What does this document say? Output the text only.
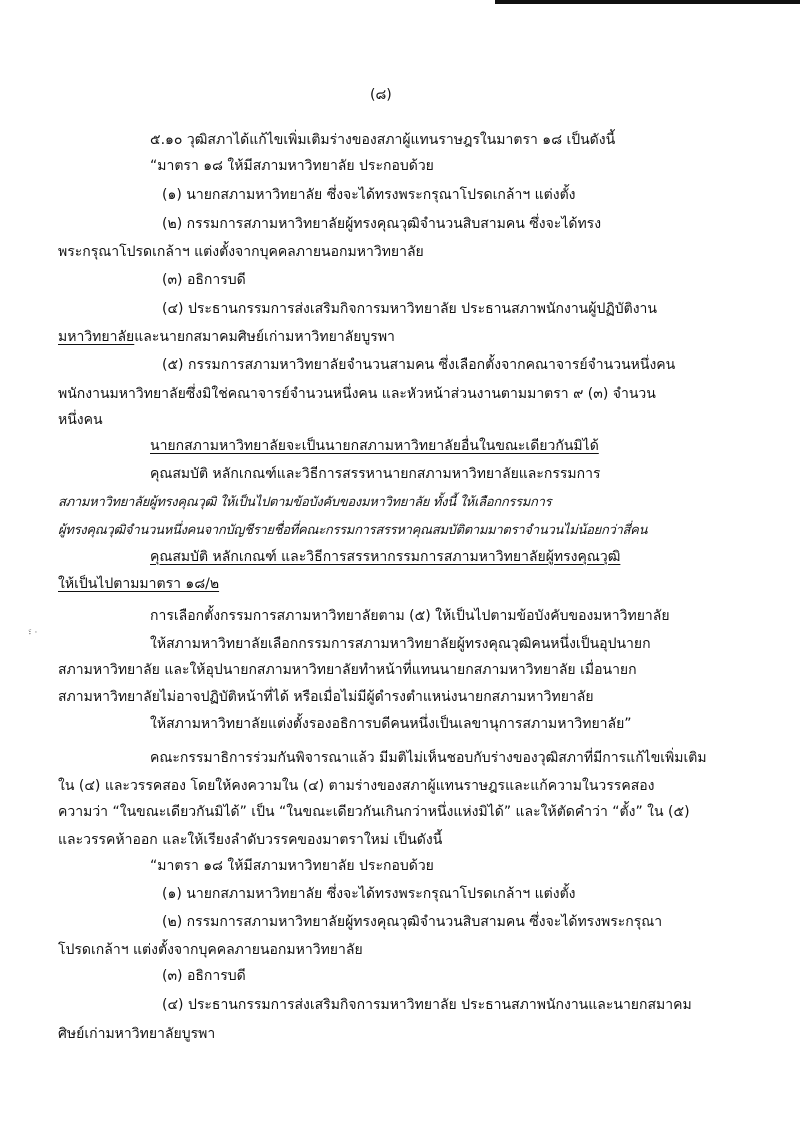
(๘)
๕.๑๐ วุฒิสภาได้แก้ไขเพิ่มเติมร่างของสภาผู้แทนราษฎรในมาตรา ๑๘ เป็นดังนี้
“มาตรา ๑๘ ให้มีสภามหาวิทยาลัย ประกอบด้วย
(๑) นายกสภามหาวิทยาลัย ซึ่งจะได้ทรงพระกรุณาโปรดเกล้าฯ แต่งตั้ง
(๒) กรรมการสภามหาวิทยาลัยผู้ทรงคุณวุฒิจำนวนสิบสามคน ซึ่งจะได้ทรง
พระกรุณาโปรดเกล้าฯ แต่งตั้งจากบุคคลภายนอกมหาวิทยาลัย
(๓) อธิการบดี
(๔) ประธานกรรมการส่งเสริมกิจการมหาวิทยาลัย ประธานสภาพนักงานผู้ปฏิบัติงาน
มหาวิทยาลัยและนายกสมาคมศิษย์เก่ามหาวิทยาลัยบูรพา
(๕) กรรมการสภามหาวิทยาลัยจำนวนสามคน ซึ่งเลือกตั้งจากคณาจารย์จำนวนหนึ่งคน
พนักงานมหาวิทยาลัยซึ่งมิใช่คณาจารย์จำนวนหนึ่งคน และหัวหน้าส่วนงานตามมาตรา ๙ (๓) จำนวน
หนึ่งคน
นายกสภามหาวิทยาลัยจะเป็นนายกสภามหาวิทยาลัยอื่นในขณะเดียวกันมิได้
คุณสมบัติ หลักเกณฑ์และวิธีการสรรหานายกสภามหาวิทยาลัยและกรรมการ
สภามหาวิทยาลัยผู้ทรงคุณวุฒิ ให้เป็นไปตามข้อบังคับของมหาวิทยาลัย ทั้งนี้ ให้เลือกกรรมการ
ผู้ทรงคุณวุฒิจำนวนหนึ่งคนจากบัญชีรายชื่อที่คณะกรรมการสรรหาคุณสมบัติตามมาตราจำนวนไม่น้อยกว่าสี่คน
คุณสมบัติ หลักเกณฑ์ และวิธีการสรรหากรรมการสภามหาวิทยาลัยผู้ทรงคุณวุฒิ
ให้เป็นไปตามมาตรา ๑๘/๒
การเลือกตั้งกรรมการสภามหาวิทยาลัยตาม (๕) ให้เป็นไปตามข้อบังคับของมหาวิทยาลัย
፣ ·
ให้สภามหาวิทยาลัยเลือกกรรมการสภามหาวิทยาลัยผู้ทรงคุณวุฒิคนหนึ่งเป็นอุปนายก
สภามหาวิทยาลัย และให้อุปนายกสภามหาวิทยาลัยทำหน้าที่แทนนายกสภามหาวิทยาลัย เมื่อนายก
สภามหาวิทยาลัยไม่อาจปฏิบัติหน้าที่ได้ หรือเมื่อไม่มีผู้ดำรงตำแหน่งนายกสภามหาวิทยาลัย
ให้สภามหาวิทยาลัยแต่งตั้งรองอธิการบดีคนหนึ่งเป็นเลขานุการสภามหาวิทยาลัย”
คณะกรรมาธิการร่วมกันพิจารณาแล้ว มีมติไม่เห็นชอบกับร่างของวุฒิสภาที่มีการแก้ไขเพิ่มเติม
ใน (๔) และวรรคสอง โดยให้คงความใน (๔) ตามร่างของสภาผู้แทนราษฎรและแก้ความในวรรคสอง
ความว่า “ในขณะเดียวกันมิได้” เป็น “ในขณะเดียวกันเกินกว่าหนึ่งแห่งมิได้” และให้ตัดคำว่า “ตั้ง” ใน (๕)
และวรรคห้าออก และให้เรียงลำดับวรรคของมาตราใหม่ เป็นดังนี้
“มาตรา ๑๘ ให้มีสภามหาวิทยาลัย ประกอบด้วย
(๑) นายกสภามหาวิทยาลัย ซึ่งจะได้ทรงพระกรุณาโปรดเกล้าฯ แต่งตั้ง
(๒) กรรมการสภามหาวิทยาลัยผู้ทรงคุณวุฒิจำนวนสิบสามคน ซึ่งจะได้ทรงพระกรุณา
โปรดเกล้าฯ แต่งตั้งจากบุคคลภายนอกมหาวิทยาลัย
(๓) อธิการบดี
(๔) ประธานกรรมการส่งเสริมกิจการมหาวิทยาลัย ประธานสภาพนักงานและนายกสมาคม
ศิษย์เก่ามหาวิทยาลัยบูรพา
